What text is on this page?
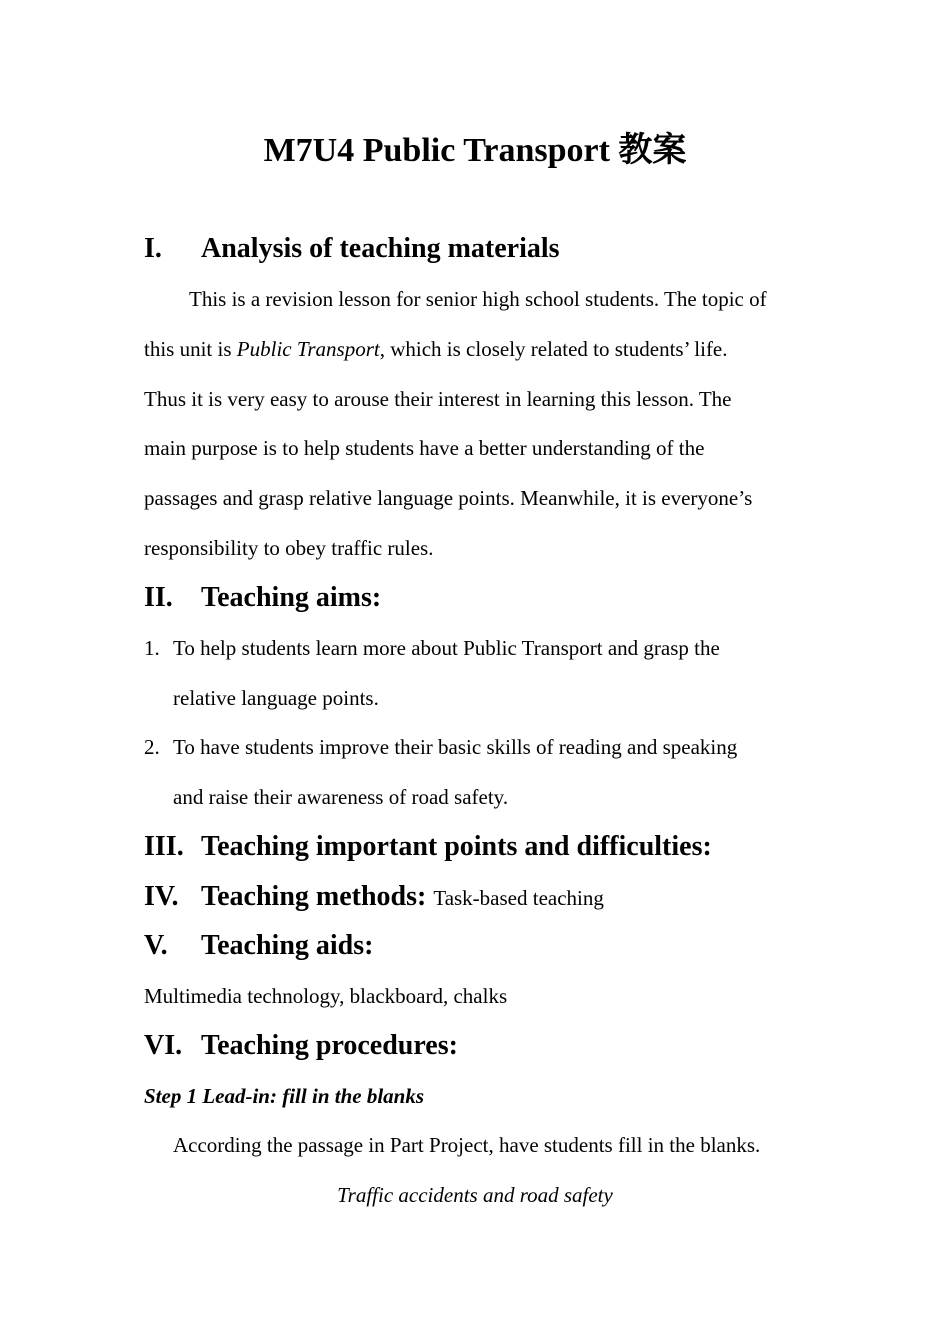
M7U4 Public Transport 教案
I. Analysis of teaching materials
This is a revision lesson for senior high school students. The topic of
this unit is Public Transport, which is closely related to students’ life.
Thus it is very easy to arouse their interest in learning this lesson. The
main purpose is to help students have a better understanding of the
passages and grasp relative language points. Meanwhile, it is everyone’s
responsibility to obey traffic rules.
II. Teaching aims:
1. To help students learn more about Public Transport and grasp the
relative language points.
2. To have students improve their basic skills of reading and speaking
and raise their awareness of road safety.
III. Teaching important points and difficulties:
IV. Teaching methods: Task-based teaching
V. Teaching aids:
Multimedia technology, blackboard, chalks
VI. Teaching procedures:
Step 1 Lead-in: fill in the blanks
According the passage in Part Project, have students fill in the blanks.
Traffic accidents and road safety
